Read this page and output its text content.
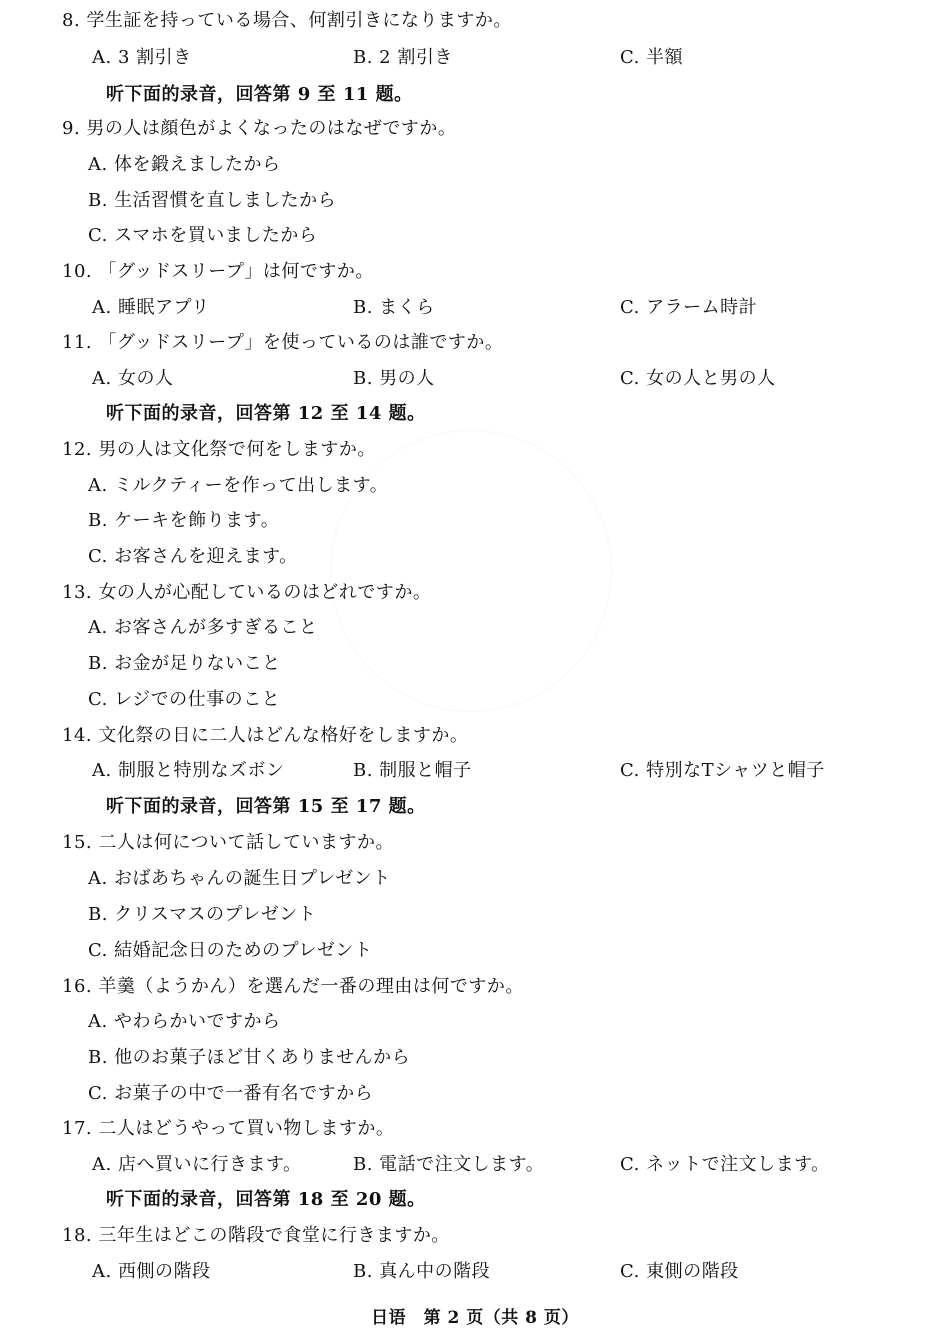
8. 学生証を持っている場合、何割引きになりますか。
A. 3 割引き	B. 2 割引き	C. 半額
听下面的录音，回答第 9 至 11 题。
9. 男の人は顔色がよくなったのはなぜですか。
A. 体を鍛えましたから
B. 生活習慣を直しましたから
C. スマホを買いましたから
10. 「グッドスリープ」は何ですか。
A. 睡眠アプリ	B. まくら	C. アラーム時計
11. 「グッドスリープ」を使っているのは誰ですか。
A. 女の人	B. 男の人	C. 女の人と男の人
听下面的录音，回答第 12 至 14 题。
12. 男の人は文化祭で何をしますか。
A. ミルクティーを作って出します。
B. ケーキを飾ります。
C. お客さんを迎えます。
13. 女の人が心配しているのはどれですか。
A. お客さんが多すぎること
B. お金が足りないこと
C. レジでの仕事のこと
14. 文化祭の日に二人はどんな格好をしますか。
A. 制服と特別なズボン	B. 制服と帽子	C. 特別なTシャツと帽子
听下面的录音，回答第 15 至 17 题。
15. 二人は何について話していますか。
A. おばあちゃんの誕生日プレゼント
B. クリスマスのプレゼント
C. 結婚記念日のためのプレゼント
16. 羊羹（ようかん）を選んだ一番の理由は何ですか。
A. やわらかいですから
B. 他のお菓子ほど甘くありませんから
C. お菓子の中で一番有名ですから
17. 二人はどうやって買い物しますか。
A. 店へ買いに行きます。	B. 電話で注文します。	C. ネットで注文します。
听下面的录音，回答第 18 至 20 题。
18. 三年生はどこの階段で食堂に行きますか。
A. 西側の階段	B. 真ん中の階段	C. 東側の階段
日语　第 2 页（共 8 页）
